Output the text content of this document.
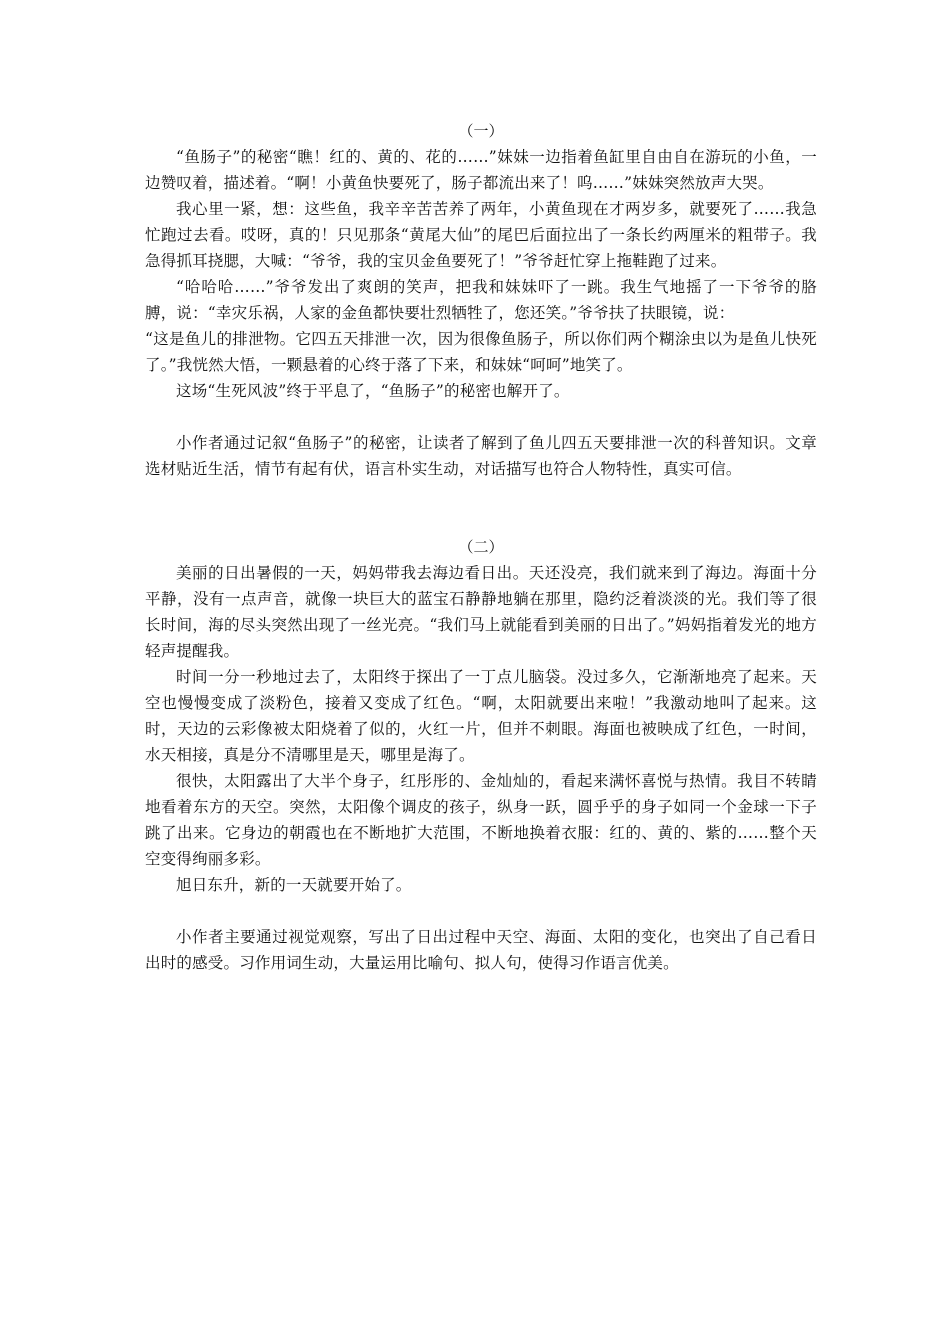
（一）

“鱼肠子”的秘密“瞧！红的、黄的、花的……”妹妹一边指着鱼缸里自由自在游玩的小鱼，一边赞叹着，描述着。“啊！小黄鱼快要死了，肠子都流出来了！呜……”妹妹突然放声大哭。

我心里一紧，想：这些鱼，我辛辛苦苦养了两年，小黄鱼现在才两岁多，就要死了……我急忙跑过去看。哎呀，真的！只见那条“黄尾大仙”的尾巴后面拉出了一条长约两厘米的粗带子。我急得抓耳挠腮，大喊：“爷爷，我的宝贝金鱼要死了！”爷爷赶忙穿上拖鞋跑了过来。

“哈哈哈……”爷爷发出了爽朗的笑声，把我和妹妹吓了一跳。我生气地摇了一下爷爷的胳膊，说：“幸灾乐祸，人家的金鱼都快要壮烈牺牲了，您还笑。”爷爷扶了扶眼镜，说：

“这是鱼儿的排泄物。它四五天排泄一次，因为很像鱼肠子，所以你们两个糊涂虫以为是鱼儿快死了。”我恍然大悟，一颗悬着的心终于落了下来，和妹妹“呵呵”地笑了。

这场“生死风波”终于平息了，“鱼肠子”的秘密也解开了。

小作者通过记叙“鱼肠子”的秘密，让读者了解到了鱼儿四五天要排泄一次的科普知识。文章选材贴近生活，情节有起有伏，语言朴实生动，对话描写也符合人物特性，真实可信。

（二）

美丽的日出暑假的一天，妈妈带我去海边看日出。天还没亮，我们就来到了海边。海面十分平静，没有一点声音，就像一块巨大的蓝宝石静静地躺在那里，隐约泛着淡淡的光。我们等了很长时间，海的尽头突然出现了一丝光亮。“我们马上就能看到美丽的日出了。”妈妈指着发光的地方轻声提醒我。

时间一分一秒地过去了，太阳终于探出了一丁点儿脑袋。没过多久，它渐渐地亮了起来。天空也慢慢变成了淡粉色，接着又变成了红色。“啊，太阳就要出来啦！”我激动地叫了起来。这时，天边的云彩像被太阳烧着了似的，火红一片，但并不刺眼。海面也被映成了红色，一时间，水天相接，真是分不清哪里是天，哪里是海了。

很快，太阳露出了大半个身子，红彤彤的、金灿灿的，看起来满怀喜悦与热情。我目不转睛地看着东方的天空。突然，太阳像个调皮的孩子，纵身一跃，圆乎乎的身子如同一个金球一下子跳了出来。它身边的朝霞也在不断地扩大范围，不断地换着衣服：红的、黄的、紫的……整个天空变得绚丽多彩。

旭日东升，新的一天就要开始了。

小作者主要通过视觉观察，写出了日出过程中天空、海面、太阳的变化，也突出了自己看日出时的感受。习作用词生动，大量运用比喻句、拟人句，使得习作语言优美。
